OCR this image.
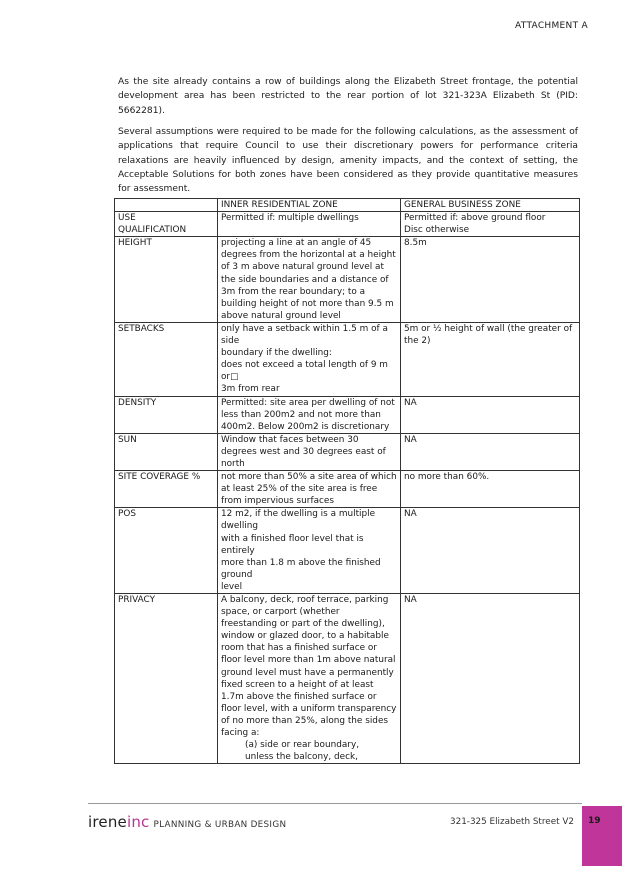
ATTACHMENT A

As the site already contains a row of buildings along the Elizabeth Street frontage, the potential development area has been restricted to the rear portion of lot 321-323A Elizabeth St (PID: 5662281).

Several assumptions were required to be made for the following calculations, as the assessment of applications that require Council to use their discretionary powers for performance criteria relaxations are heavily influenced by design, amenity impacts, and the context of setting, the Acceptable Solutions for both zones have been considered as they provide quantitative measures for assessment.

	INNER RESIDENTIAL ZONE	GENERAL BUSINESS ZONE
USE
QUALIFICATION	Permitted if: multiple dwellings	Permitted if: above ground floor
Disc otherwise
HEIGHT	projecting a line at an angle of 45 degrees from the horizontal at a height of 3 m above natural ground level at the side boundaries and a distance of 3m from the rear boundary; to a building height of not more than 9.5 m above natural ground level	8.5m
SETBACKS	only have a setback within 1.5 m of a side
boundary if the dwelling:
does not exceed a total length of 9 m or□
3m from rear	5m or ½ height of wall (the greater of the 2)
DENSITY	Permitted: site area per dwelling of not less than 200m2 and not more than 400m2. Below 200m2 is discretionary	NA
SUN	Window that faces between 30 degrees west and 30 degrees east of north	NA
SITE COVERAGE %	not more than 50% a site area of which at least 25% of the site area is free from impervious surfaces	no more than 60%.
POS	12 m2, if the dwelling is a multiple dwelling
with a finished floor level that is entirely
more than 1.8 m above the finished ground
level	NA
PRIVACY	A balcony, deck, roof terrace, parking space, or carport (whether freestanding or part of the dwelling), window or glazed door, to a habitable room that has a finished surface or floor level more than 1m above natural ground level must have a permanently fixed screen to a height of at least 1.7m above the finished surface or floor level, with a uniform transparency of no more than 25%, along the sides facing a:
(a) side or rear boundary,
unless the balcony, deck,	NA
ireneinc PLANNING & URBAN DESIGN	321-325 Elizabeth Street V2 19
